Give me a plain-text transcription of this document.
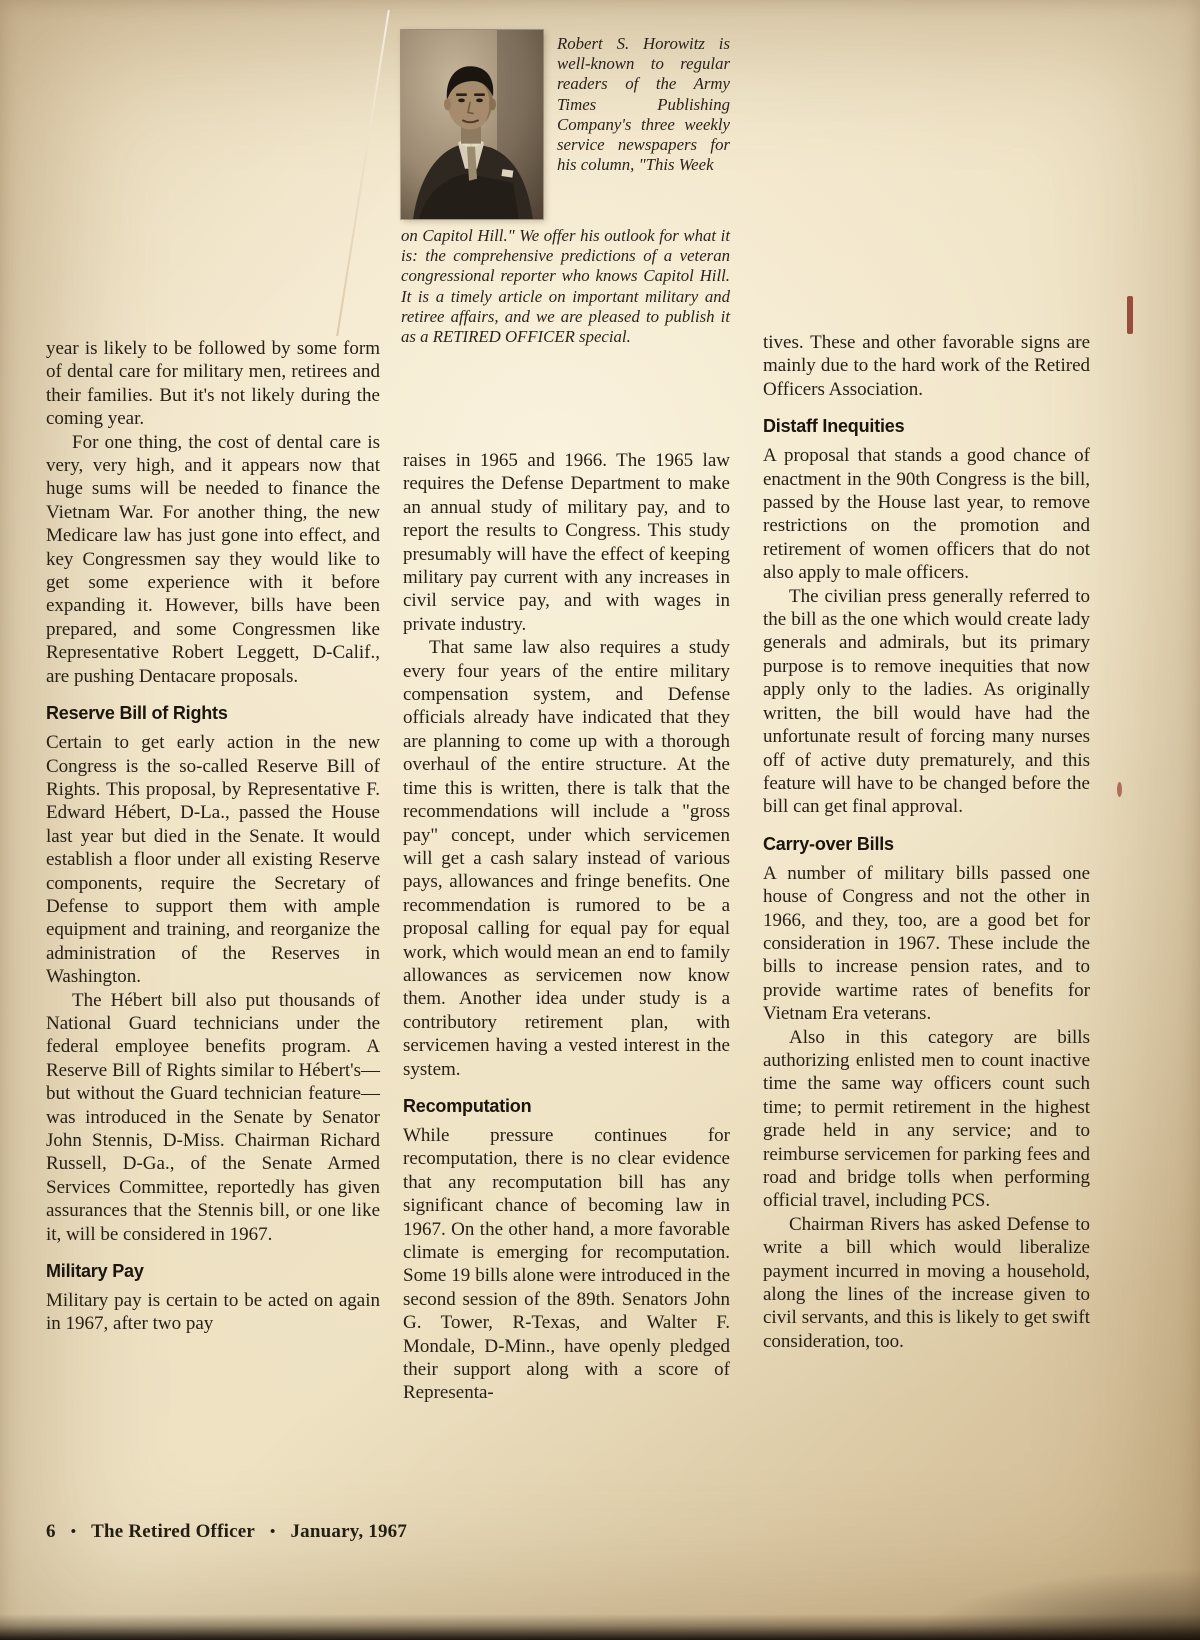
Robert S. Horowitz is well-known to regular readers of the Army Times Publishing Company's three weekly service newspapers for his column, "This Week
on Capitol Hill." We offer his outlook for what it is: the comprehensive predictions of a veteran congressional reporter who knows Capitol Hill. It is a timely article on important military and retiree affairs, and we are pleased to publish it as a RETIRED OFFICER special.

year is likely to be followed by some form of dental care for military men, retirees and their families. But it's not likely during the coming year.

For one thing, the cost of dental care is very, very high, and it appears now that huge sums will be needed to finance the Vietnam War. For another thing, the new Medicare law has just gone into effect, and key Congressmen say they would like to get some experience with it before expanding it. However, bills have been prepared, and some Congressmen like Representative Robert Leggett, D-Calif., are pushing Dentacare proposals.

Reserve Bill of Rights

Certain to get early action in the new Congress is the so-called Reserve Bill of Rights. This proposal, by Representative F. Edward Hébert, D-La., passed the House last year but died in the Senate. It would establish a floor under all existing Reserve components, require the Secretary of Defense to support them with ample equipment and training, and reorganize the administration of the Reserves in Washington.

The Hébert bill also put thousands of National Guard technicians under the federal employee benefits program. A Reserve Bill of Rights similar to Hébert's—but without the Guard technician feature—was introduced in the Senate by Senator John Stennis, D-Miss. Chairman Richard Russell, D-Ga., of the Senate Armed Services Committee, reportedly has given assurances that the Stennis bill, or one like it, will be considered in 1967.

Military Pay

Military pay is certain to be acted on again in 1967, after two pay

raises in 1965 and 1966. The 1965 law requires the Defense Department to make an annual study of military pay, and to report the results to Congress. This study presumably will have the effect of keeping military pay current with any increases in civil service pay, and with wages in private industry.

That same law also requires a study every four years of the entire military compensation system, and Defense officials already have indicated that they are planning to come up with a thorough overhaul of the entire structure. At the time this is written, there is talk that the recommendations will include a "gross pay" concept, under which servicemen will get a cash salary instead of various pays, allowances and fringe benefits. One recommendation is rumored to be a proposal calling for equal pay for equal work, which would mean an end to family allowances as servicemen now know them. Another idea under study is a contributory retirement plan, with servicemen having a vested interest in the system.

Recomputation

While pressure continues for recomputation, there is no clear evidence that any recomputation bill has any significant chance of becoming law in 1967. On the other hand, a more favorable climate is emerging for recomputation. Some 19 bills alone were introduced in the second session of the 89th. Senators John G. Tower, R-Texas, and Walter F. Mondale, D-Minn., have openly pledged their support along with a score of Representa-

tives. These and other favorable signs are mainly due to the hard work of the Retired Officers Association.

Distaff Inequities

A proposal that stands a good chance of enactment in the 90th Congress is the bill, passed by the House last year, to remove restrictions on the promotion and retirement of women officers that do not also apply to male officers.

The civilian press generally referred to the bill as the one which would create lady generals and admirals, but its primary purpose is to remove inequities that now apply only to the ladies. As originally written, the bill would have had the unfortunate result of forcing many nurses off of active duty prematurely, and this feature will have to be changed before the bill can get final approval.

Carry-over Bills

A number of military bills passed one house of Congress and not the other in 1966, and they, too, are a good bet for consideration in 1967. These include the bills to increase pension rates, and to provide wartime rates of benefits for Vietnam Era veterans.

Also in this category are bills authorizing enlisted men to count inactive time the same way officers count such time; to permit retirement in the highest grade held in any service; and to reimburse servicemen for parking fees and road and bridge tolls when performing official travel, including PCS.

Chairman Rivers has asked Defense to write a bill which would liberalize payment incurred in moving a household, along the lines of the increase given to civil servants, and this is likely to get swift consideration, too.

6 • The Retired Officer • January, 1967
